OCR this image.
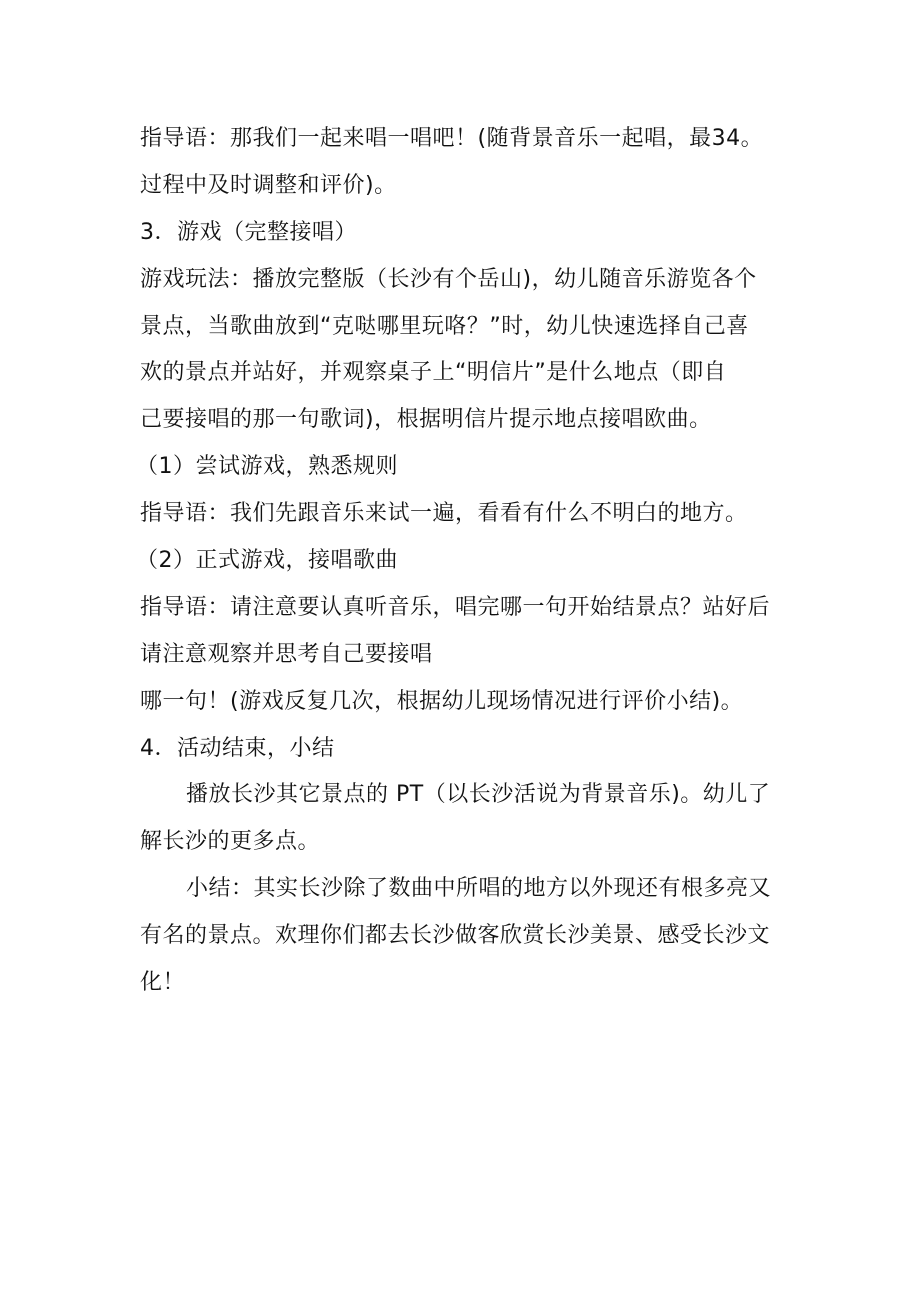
指导语：那我们一起来唱一唱吧！(随背景音乐一起唱，最34。
过程中及时调整和评价)。
3．游戏（完整接唱）
游戏玩法：播放完整版（长沙有个岳山)，幼儿随音乐游览各个
景点，当歌曲放到“克哒哪里玩咯？”时，幼儿快速选择自己喜
欢的景点并站好，并观察桌子上“明信片”是什么地点（即自
己要接唱的那一句歌词)，根据明信片提示地点接唱欧曲。
（1）尝试游戏，熟悉规则
指导语：我们先跟音乐来试一遍，看看有什么不明白的地方。
（2）正式游戏，接唱歌曲
指导语：请注意要认真听音乐，唱完哪一句开始结景点？站好后
请注意观察并思考自己要接唱
哪一句！(游戏反复几次，根据幼儿现场情况进行评价小结)。
4．活动结束，小结
播放长沙其它景点的 PT（以长沙活说为背景音乐)。幼儿了
解长沙的更多点。
小结：其实长沙除了数曲中所唱的地方以外现还有根多亮又
有名的景点。欢理你们都去长沙做客欣赏长沙美景、感受长沙文
化！
